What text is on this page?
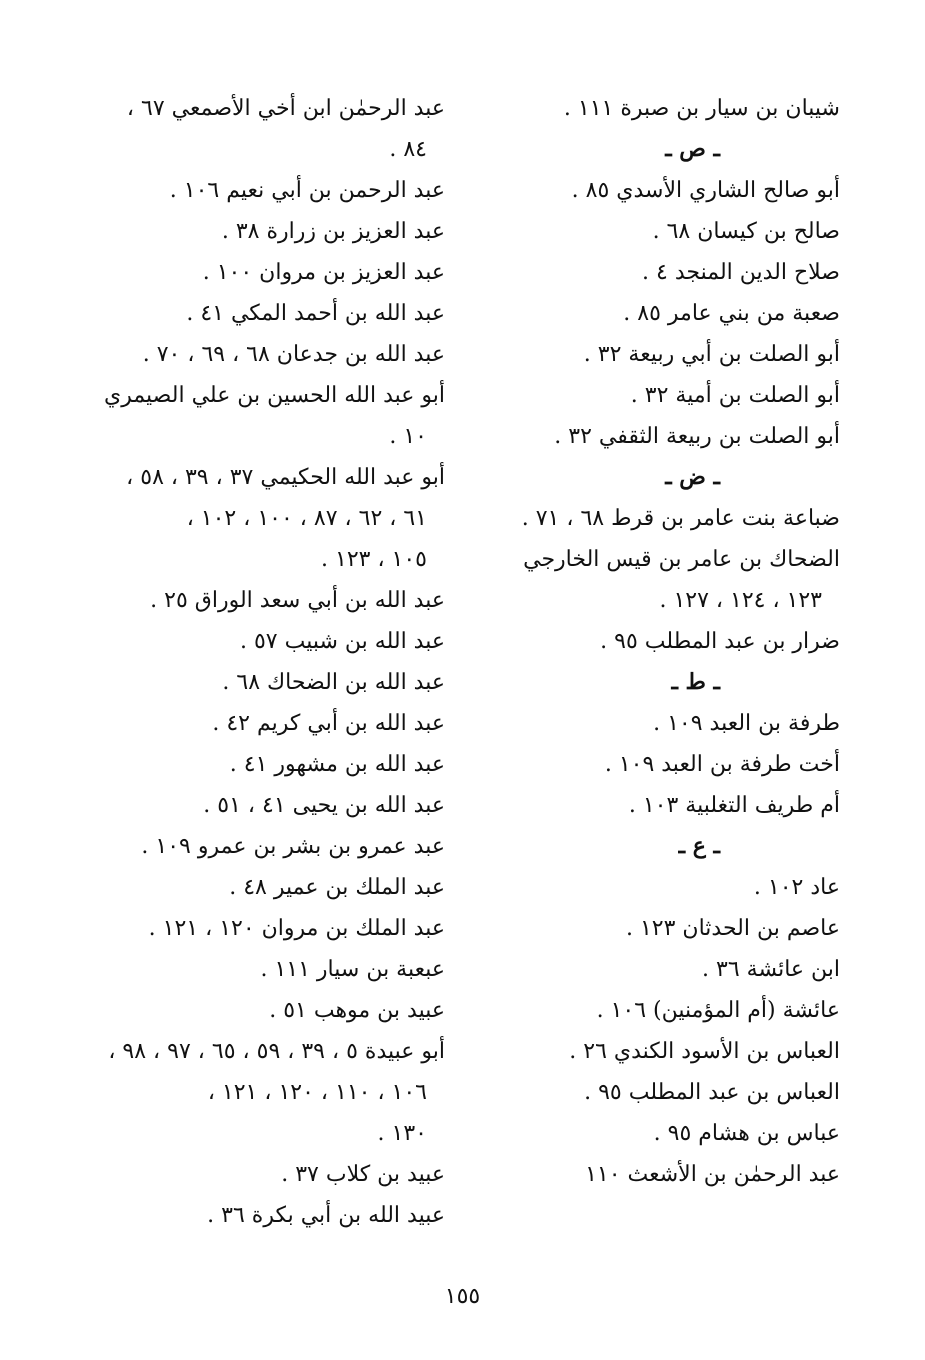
شيبان بن سيار بن صبرة ١١١ .
ـ ص ـ
أبو صالح الشاري الأسدي ٨٥ .
صالح بن كيسان ٦٨ .
صلاح الدين المنجد ٤ .
صعبة من بني عامر ٨٥ .
أبو الصلت بن أبي ربيعة ٣٢ .
أبو الصلت بن أمية ٣٢ .
أبو الصلت بن ربيعة الثقفي ٣٢ .
ـ ض ـ
ضباعة بنت عامر بن قرط ٦٨ ، ٧١ .
الضحاك بن عامر بن قيس الخارجي
١٢٣ ، ١٢٤ ، ١٢٧ .
ضرار بن عبد المطلب ٩٥ .
ـ ط ـ
طرفة بن العبد ١٠٩ .
أخت طرفة بن العبد ١٠٩ .
أم طريف التغلبية ١٠٣ .
ـ ع ـ
عاد ١٠٢ .
عاصم بن الحدثان ١٢٣ .
ابن عائشة ٣٦ .
عائشة (أم المؤمنين) ١٠٦ .
العباس بن الأسود الكندي ٢٦ .
العباس بن عبد المطلب ٩٥ .
عباس بن هشام ٩٥ .
عبد الرحمٰن بن الأشعث ١١٠
عبد الرحمٰن ابن أخي الأصمعي ٦٧ ،
٨٤ .
عبد الرحمن بن أبي نعيم ١٠٦ .
عبد العزيز بن زرارة ٣٨ .
عبد العزيز بن مروان ١٠٠ .
عبد الله بن أحمد المكي ٤١ .
عبد الله بن جدعان ٦٨ ، ٦٩ ، ٧٠ .
أبو عبد الله الحسين بن علي الصيمري
١٠ .
أبو عبد الله الحكيمي ٣٧ ، ٣٩ ، ٥٨ ،
٦١ ، ٦٢ ، ٨٧ ، ١٠٠ ، ١٠٢ ،
١٠٥ ، ١٢٣ .
عبد الله بن أبي سعد الوراق ٢٥ .
عبد الله بن شبيب ٥٧ .
عبد الله بن الضحاك ٦٨ .
عبد الله بن أبي كريم ٤٢ .
عبد الله بن مشهور ٤١ .
عبد الله بن يحيى ٤١ ، ٥١ .
عبد عمرو بن بشر بن عمرو ١٠٩ .
عبد الملك بن عمير ٤٨ .
عبد الملك بن مروان ١٢٠ ، ١٢١ .
عبعبة بن سيار ١١١ .
عبيد بن موهب ٥١ .
أبو عبيدة ٥ ، ٣٩ ، ٥٩ ، ٦٥ ، ٩٧ ، ٩٨ ،
١٠٦ ، ١١٠ ، ١٢٠ ، ١٢١ ،
١٣٠ .
عبيد بن كلاب ٣٧ .
عبيد الله بن أبي بكرة ٣٦ .
١٥٥
